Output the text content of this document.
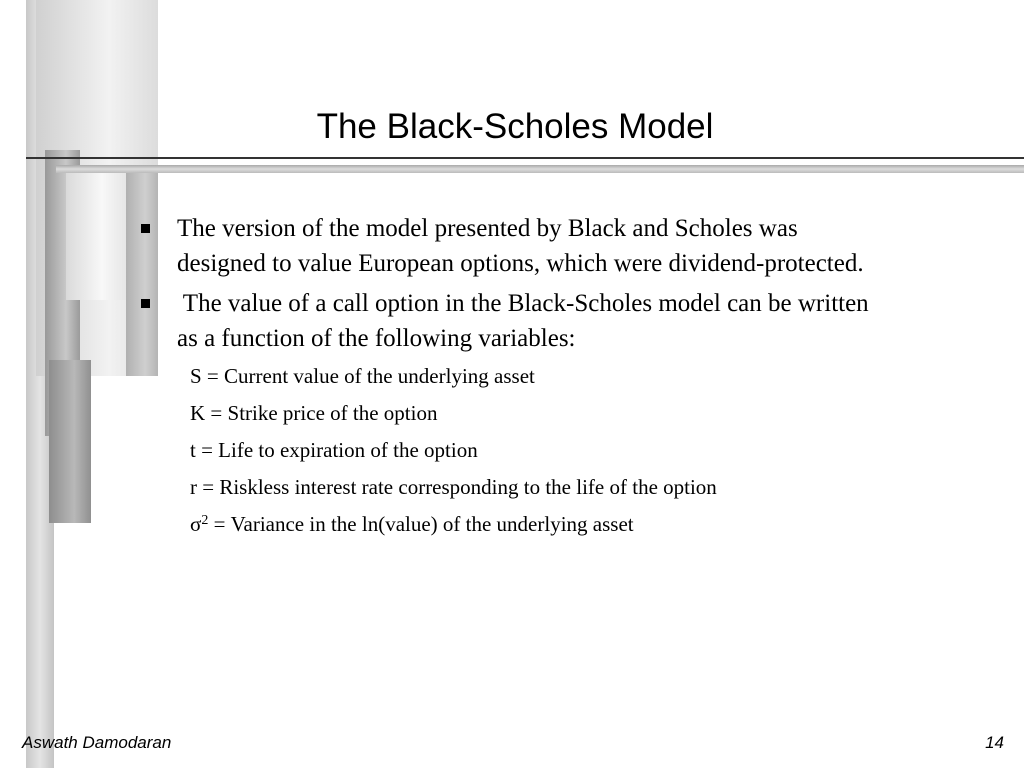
The Black-Scholes Model
The version of the model presented by Black and Scholes was
designed to value European options, which were dividend-protected.
The value of a call option in the Black-Scholes model can be written
as a function of the following variables:
S = Current value of the underlying asset
K = Strike price of the option
t = Life to expiration of the option
r = Riskless interest rate corresponding to the life of the option
$\sigma^2$ = Variance in the ln(value) of the underlying asset
Aswath Damodaran	14
